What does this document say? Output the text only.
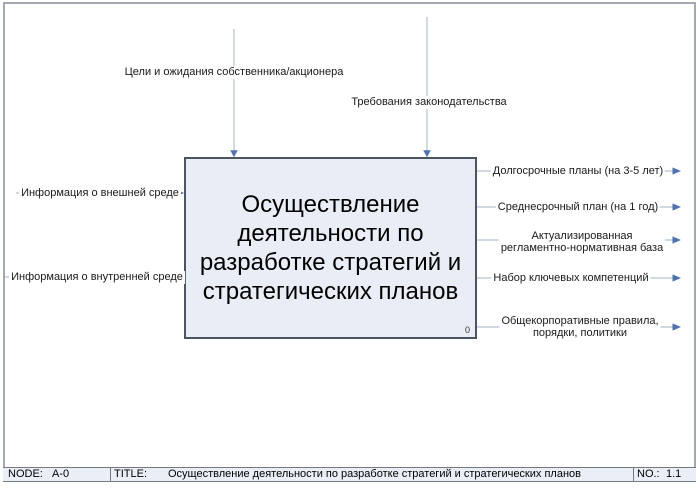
Цели и ожидания собственника/акционера
Требования законодательства
Информация о внешней среде
Информация о внутренней среде
Долгосрочные планы (на 3-5 лет)
Среднесрочный план (на 1 год)
Актуализированная
регламентно-нормативная база
Набор ключевых компетенций
Общекорпоративные правила,
порядки, политики
Осуществление деятельности по разработке стратегий и стратегических планов
0
NODE: A-0	TITLE:	Осуществление деятельности по разработке стратегий и стратегических планов	NO.: 1.1
